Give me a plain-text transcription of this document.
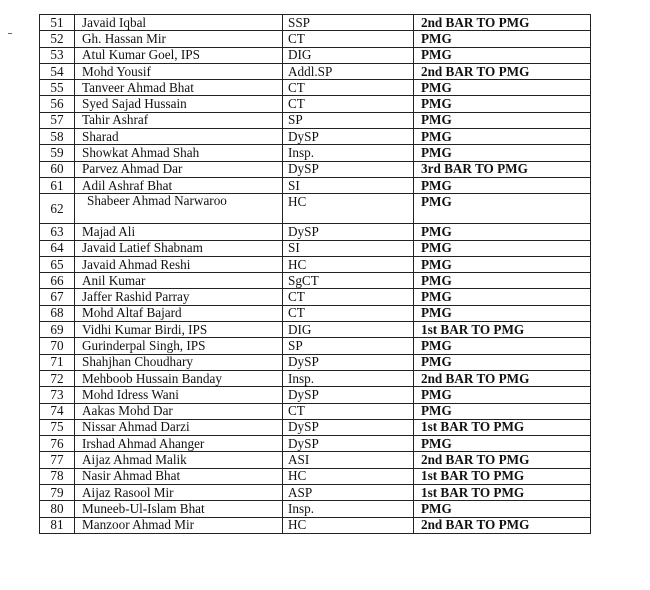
51	Javaid Iqbal	SSP	2nd BAR TO PMG
52	Gh. Hassan Mir	CT	PMG
53	Atul Kumar Goel, IPS	DIG	PMG
54	Mohd Yousif	Addl.SP	2nd BAR TO PMG
55	Tanveer Ahmad Bhat	CT	PMG
56	Syed Sajad Hussain	CT	PMG
57	Tahir Ashraf	SP	PMG
58	Sharad	DySP	PMG
59	Showkat Ahmad Shah	Insp.	PMG
60	Parvez Ahmad Dar	DySP	3rd BAR TO PMG
61	Adil Ashraf Bhat	SI	PMG
62	Shabeer Ahmad Narwaroo	HC	PMG
63	Majad Ali	DySP	PMG
64	Javaid Latief Shabnam	SI	PMG
65	Javaid Ahmad Reshi	HC	PMG
66	Anil Kumar	SgCT	PMG
67	Jaffer Rashid Parray	CT	PMG
68	Mohd Altaf Bajard	CT	PMG
69	Vidhi Kumar Birdi, IPS	DIG	1st BAR TO PMG
70	Gurinderpal Singh, IPS	SP	PMG
71	Shahjhan Choudhary	DySP	PMG
72	Mehboob Hussain Banday	Insp.	2nd BAR TO PMG
73	Mohd Idress Wani	DySP	PMG
74	Aakas Mohd Dar	CT	PMG
75	Nissar Ahmad Darzi	DySP	1st BAR TO PMG
76	Irshad Ahmad Ahanger	DySP	PMG
77	Aijaz Ahmad Malik	ASI	2nd BAR TO PMG
78	Nasir Ahmad Bhat	HC	1st BAR TO PMG
79	Aijaz Rasool Mir	ASP	1st BAR TO PMG
80	Muneeb-Ul-Islam Bhat	Insp.	PMG
81	Manzoor Ahmad Mir	HC	2nd BAR TO PMG
